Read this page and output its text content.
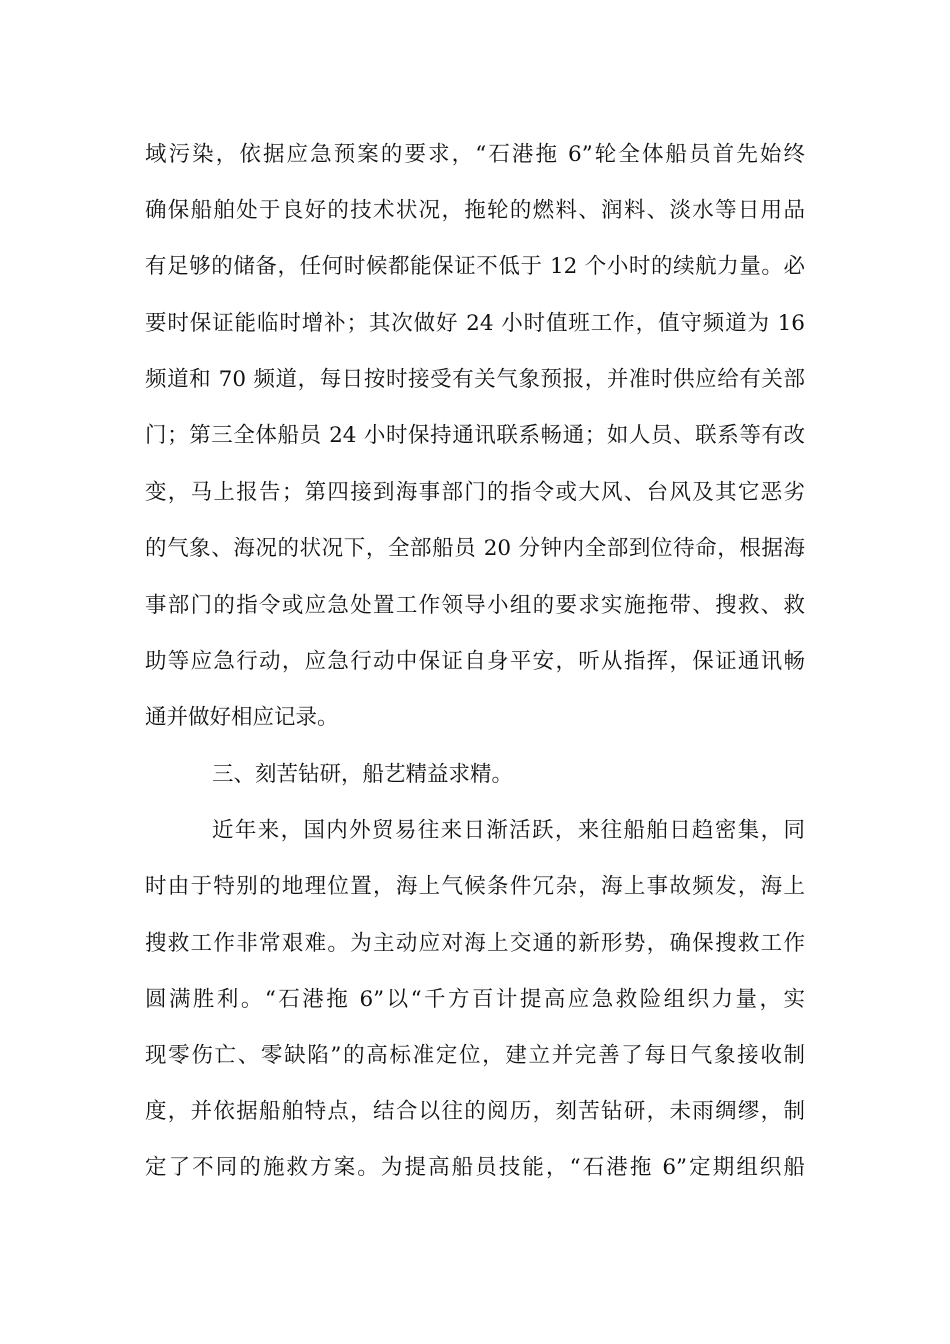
域污染，依据应急预案的要求，“石港拖 6”轮全体船员首先始终
确保船舶处于良好的技术状况，拖轮的燃料、润料、淡水等日用品
有足够的储备，任何时候都能保证不低于 12 个小时的续航力量。必
要时保证能临时增补；其次做好 24 小时值班工作，值守频道为 16
频道和 70 频道，每日按时接受有关气象预报，并准时供应给有关部
门；第三全体船员 24 小时保持通讯联系畅通；如人员、联系等有改
变，马上报告；第四接到海事部门的指令或大风、台风及其它恶劣
的气象、海况的状况下，全部船员 20 分钟内全部到位待命，根据海
事部门的指令或应急处置工作领导小组的要求实施拖带、搜救、救
助等应急行动，应急行动中保证自身平安，听从指挥，保证通讯畅
通并做好相应记录。
三、刻苦钻研，船艺精益求精。
近年来，国内外贸易往来日渐活跃，来往船舶日趋密集，同
时由于特别的地理位置，海上气候条件冗杂，海上事故频发，海上
搜救工作非常艰难。为主动应对海上交通的新形势，确保搜救工作
圆满胜利。“石港拖 6”以“千方百计提高应急救险组织力量，实
现零伤亡、零缺陷”的高标准定位，建立并完善了每日气象接收制
度，并依据船舶特点，结合以往的阅历，刻苦钻研，未雨绸缪，制
定了不同的施救方案。为提高船员技能，“石港拖 6”定期组织船
